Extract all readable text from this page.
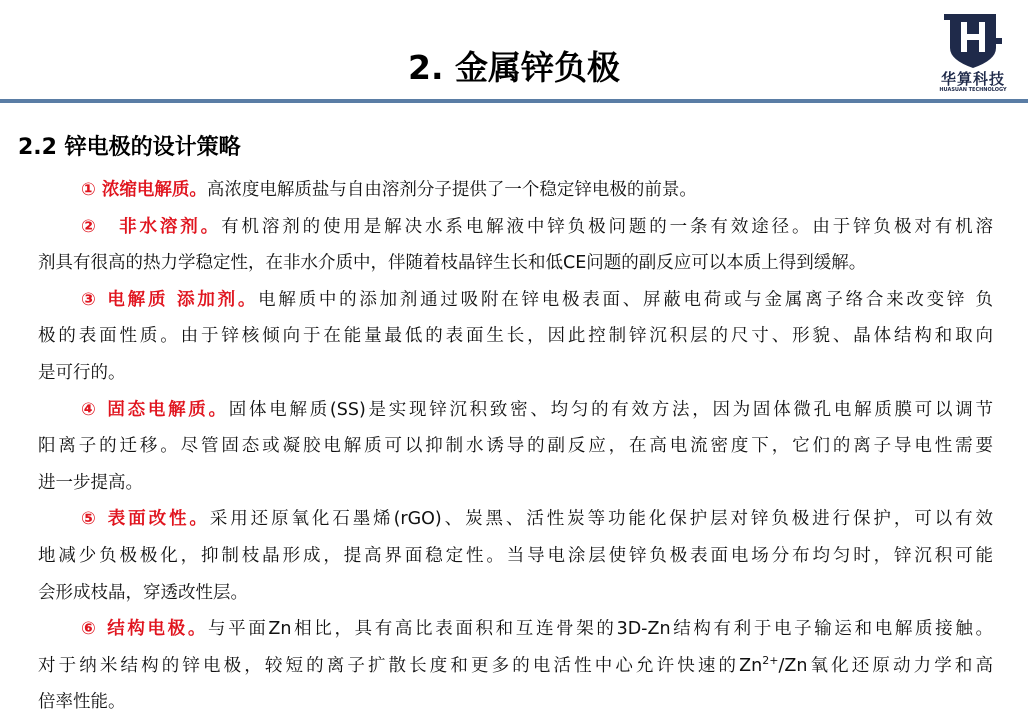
2. 金属锌负极	华算科技
HUASUAN TECHNOLOGY
2.2 锌电极的设计策略
① 浓缩电解质。高浓度电解质盐与自由溶剂分子提供了一个稳定锌电极的前景。
②　非水溶剂。有机溶剂的使用是解决水系电解液中锌负极问题的一条有效途径。由于锌负极对有机溶
剂具有很高的热力学稳定性，在非水介质中，伴随着枝晶锌生长和低CE问题的副反应可以本质上得到缓解。
③ 电解质 添加剂。电解质中的添加剂通过吸附在锌电极表面、屏蔽电荷或与金属离子络合来改变锌 负
极的表面性质。由于锌核倾向于在能量最低的表面生长，因此控制锌沉积层的尺寸、形貌、晶体结构和取向
是可行的。
④ 固态电解质。固体电解质(SS)是实现锌沉积致密、均匀的有效方法，因为固体微孔电解质膜可以调节
阳离子的迁移。尽管固态或凝胶电解质可以抑制水诱导的副反应，在高电流密度下，它们的离子导电性需要
进一步提高。
⑤ 表面改性。采用还原氧化石墨烯(rGO)、炭黑、活性炭等功能化保护层对锌负极进行保护，可以有效
地减少负极极化，抑制枝晶形成，提高界面稳定性。当导电涂层使锌负极表面电场分布均匀时，锌沉积可能
会形成枝晶，穿透改性层。
⑥ 结构电极。与平面Zn相比，具有高比表面积和互连骨架的3D-Zn结构有利于电子输运和电解质接触。
对于纳米结构的锌电极，较短的离子扩散长度和更多的电活性中心允许快速的$Zn^{2+}/Zn$氧化还原动力学和高
倍率性能。
